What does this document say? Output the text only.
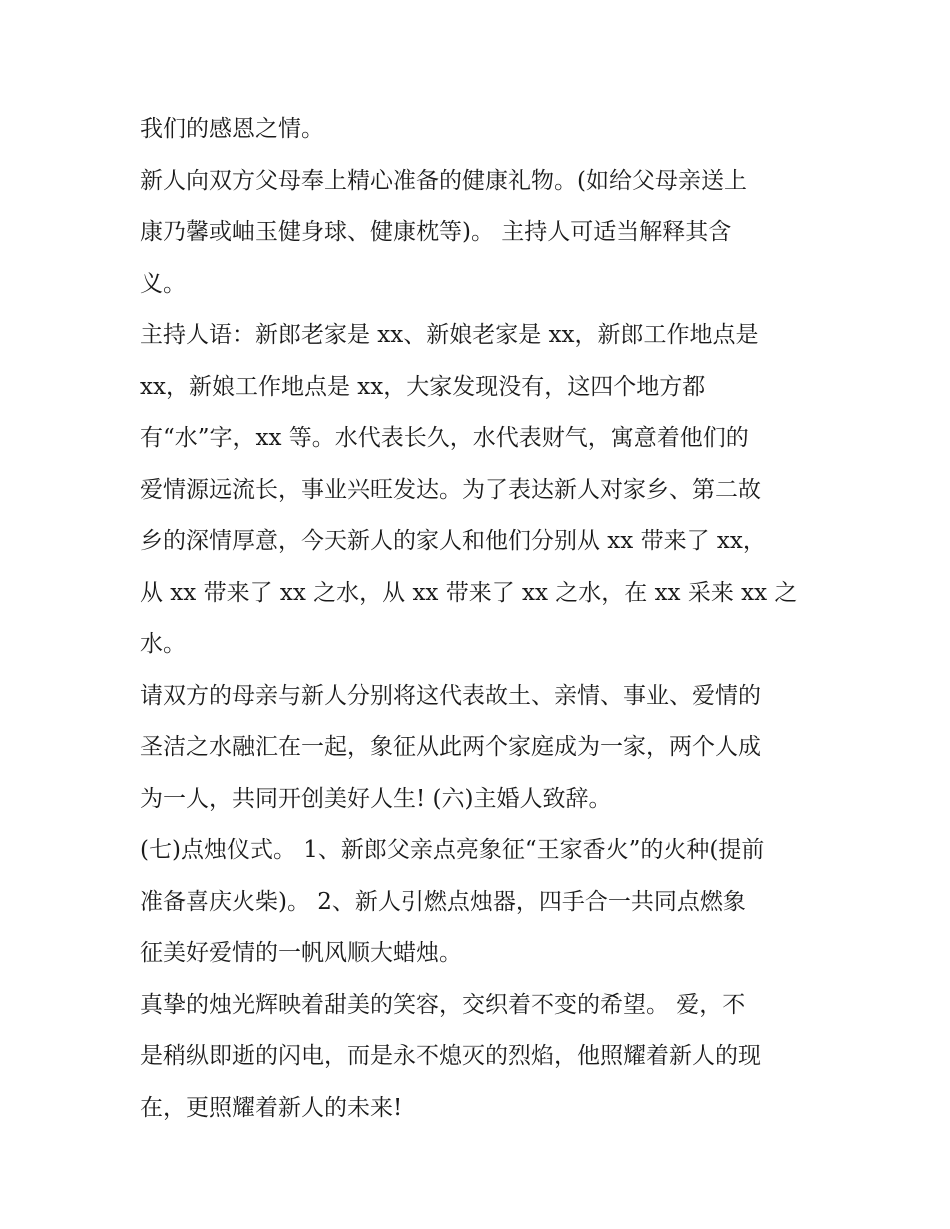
我们的感恩之情。
新人向双方父母奉上精心准备的健康礼物。(如给父母亲送上
康乃馨或岫玉健身球、健康枕等)。 主持人可适当解释其含
义。
主持人语：新郎老家是 xx、新娘老家是 xx，新郎工作地点是
xx，新娘工作地点是 xx，大家发现没有，这四个地方都
有“水”字，xx 等。水代表长久，水代表财气，寓意着他们的
爱情源远流长，事业兴旺发达。为了表达新人对家乡、第二故
乡的深情厚意，今天新人的家人和他们分别从 xx 带来了 xx，
从 xx 带来了 xx 之水，从 xx 带来了 xx 之水，在 xx 采来 xx 之
水。
请双方的母亲与新人分别将这代表故土、亲情、事业、爱情的
圣洁之水融汇在一起，象征从此两个家庭成为一家，两个人成
为一人，共同开创美好人生! (六)主婚人致辞。
(七)点烛仪式。 1、新郎父亲点亮象征“王家香火”的火种(提前
准备喜庆火柴)。 2、新人引燃点烛器，四手合一共同点燃象
征美好爱情的一帆风顺大蜡烛。
真挚的烛光辉映着甜美的笑容，交织着不变的希望。 爱，不
是稍纵即逝的闪电，而是永不熄灭的烈焰，他照耀着新人的现
在，更照耀着新人的未来!
